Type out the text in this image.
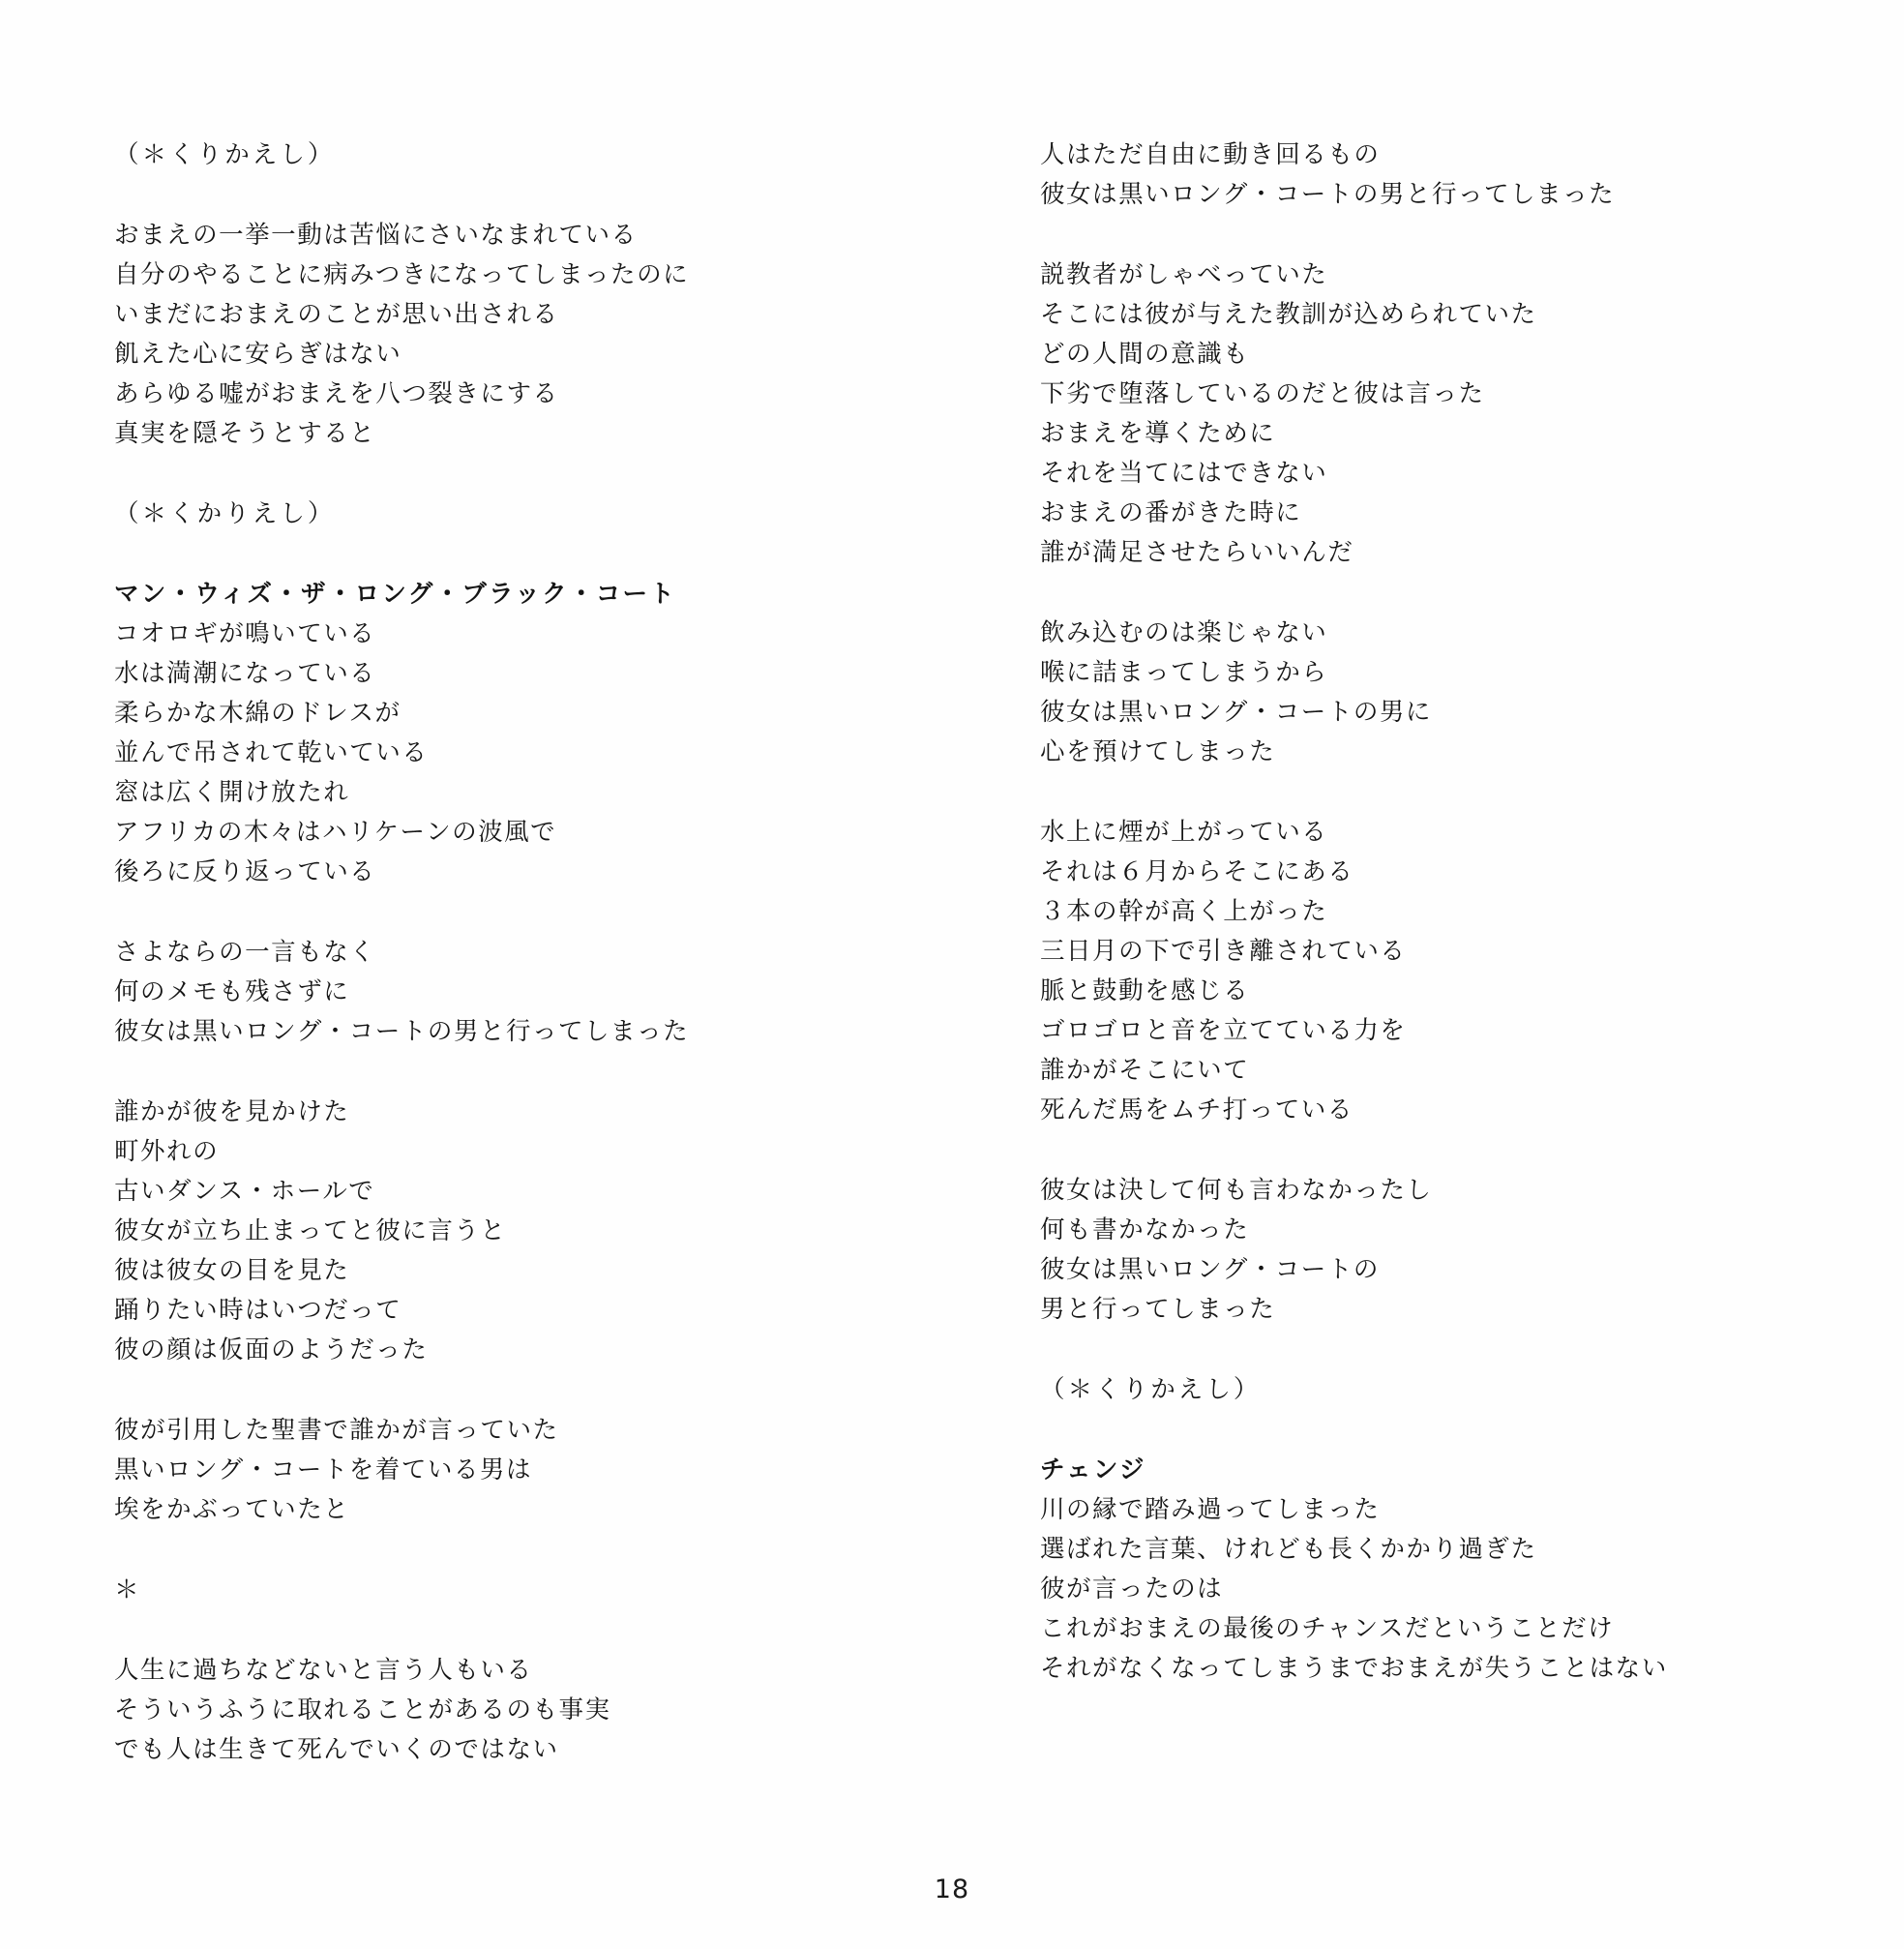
（＊くりかえし）
おまえの一挙一動は苦悩にさいなまれている
自分のやることに病みつきになってしまったのに
いまだにおまえのことが思い出される
飢えた心に安らぎはない
あらゆる嘘がおまえを八つ裂きにする
真実を隠そうとすると
（＊くかりえし）
マン・ウィズ・ザ・ロング・ブラック・コート
コオロギが鳴いている
水は満潮になっている
柔らかな木綿のドレスが
並んで吊されて乾いている
窓は広く開け放たれ
アフリカの木々はハリケーンの波風で
後ろに反り返っている
さよならの一言もなく
何のメモも残さずに
彼女は黒いロング・コートの男と行ってしまった
誰かが彼を見かけた
町外れの
古いダンス・ホールで
彼女が立ち止まってと彼に言うと
彼は彼女の目を見た
踊りたい時はいつだって
彼の顔は仮面のようだった
彼が引用した聖書で誰かが言っていた
黒いロング・コートを着ている男は
埃をかぶっていたと
＊
人生に過ちなどないと言う人もいる
そういうふうに取れることがあるのも事実
でも人は生きて死んでいくのではない
人はただ自由に動き回るもの
彼女は黒いロング・コートの男と行ってしまった
説教者がしゃべっていた
そこには彼が与えた教訓が込められていた
どの人間の意識も
下劣で堕落しているのだと彼は言った
おまえを導くために
それを当てにはできない
おまえの番がきた時に
誰が満足させたらいいんだ
飲み込むのは楽じゃない
喉に詰まってしまうから
彼女は黒いロング・コートの男に
心を預けてしまった
水上に煙が上がっている
それは６月からそこにある
３本の幹が高く上がった
三日月の下で引き離されている
脈と鼓動を感じる
ゴロゴロと音を立てている力を
誰かがそこにいて
死んだ馬をムチ打っている
彼女は決して何も言わなかったし
何も書かなかった
彼女は黒いロング・コートの
男と行ってしまった
（＊くりかえし）
チェンジ
川の縁で踏み過ってしまった
選ばれた言葉、けれども長くかかり過ぎた
彼が言ったのは
これがおまえの最後のチャンスだということだけ
それがなくなってしまうまでおまえが失うことはない
18
